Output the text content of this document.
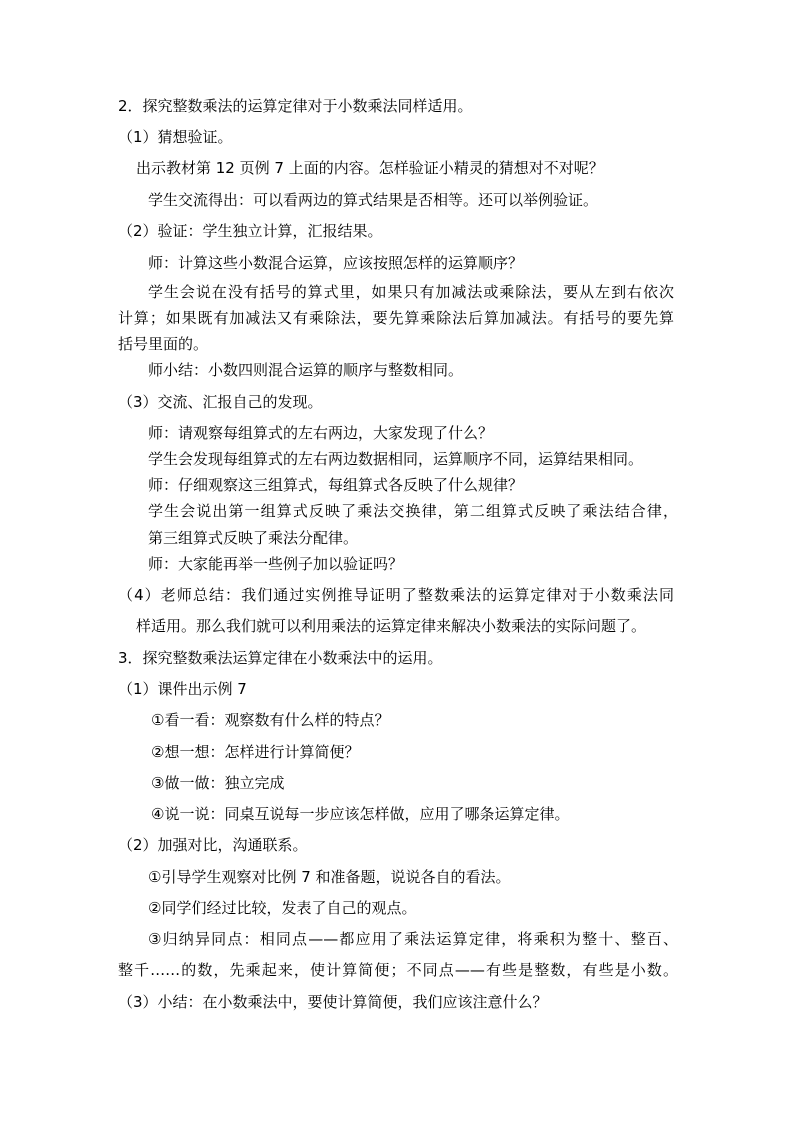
2．探究整数乘法的运算定律对于小数乘法同样适用。
（1）猜想验证。
出示教材第 12 页例 7 上面的内容。怎样验证小精灵的猜想对不对呢？
学生交流得出：可以看两边的算式结果是否相等。还可以举例验证。
（2）验证：学生独立计算，汇报结果。
师：计算这些小数混合运算，应该按照怎样的运算顺序？
学生会说在没有括号的算式里，如果只有加减法或乘除法，要从左到右依次
计算；如果既有加减法又有乘除法，要先算乘除法后算加减法。有括号的要先算
括号里面的。
师小结：小数四则混合运算的顺序与整数相同。
（3）交流、汇报自己的发现。
师：请观察每组算式的左右两边，大家发现了什么？
学生会发现每组算式的左右两边数据相同，运算顺序不同，运算结果相同。
师：仔细观察这三组算式，每组算式各反映了什么规律？
学生会说出第一组算式反映了乘法交换律，第二组算式反映了乘法结合律，
第三组算式反映了乘法分配律。
师：大家能再举一些例子加以验证吗？
（4）老师总结：我们通过实例推导证明了整数乘法的运算定律对于小数乘法同
样适用。那么我们就可以利用乘法的运算定律来解决小数乘法的实际问题了。
3．探究整数乘法运算定律在小数乘法中的运用。
（1）课件出示例 7
①看一看：观察数有什么样的特点？
②想一想：怎样进行计算简便？
③做一做：独立完成
④说一说：同桌互说每一步应该怎样做，应用了哪条运算定律。
（2）加强对比，沟通联系。
①引导学生观察对比例 7 和准备题，说说各自的看法。
②同学们经过比较，发表了自己的观点。
③归纳异同点：相同点——都应用了乘法运算定律，将乘积为整十、整百、
整千……的数，先乘起来，使计算简便；不同点——有些是整数，有些是小数。
（3）小结：在小数乘法中，要使计算简便，我们应该注意什么？
